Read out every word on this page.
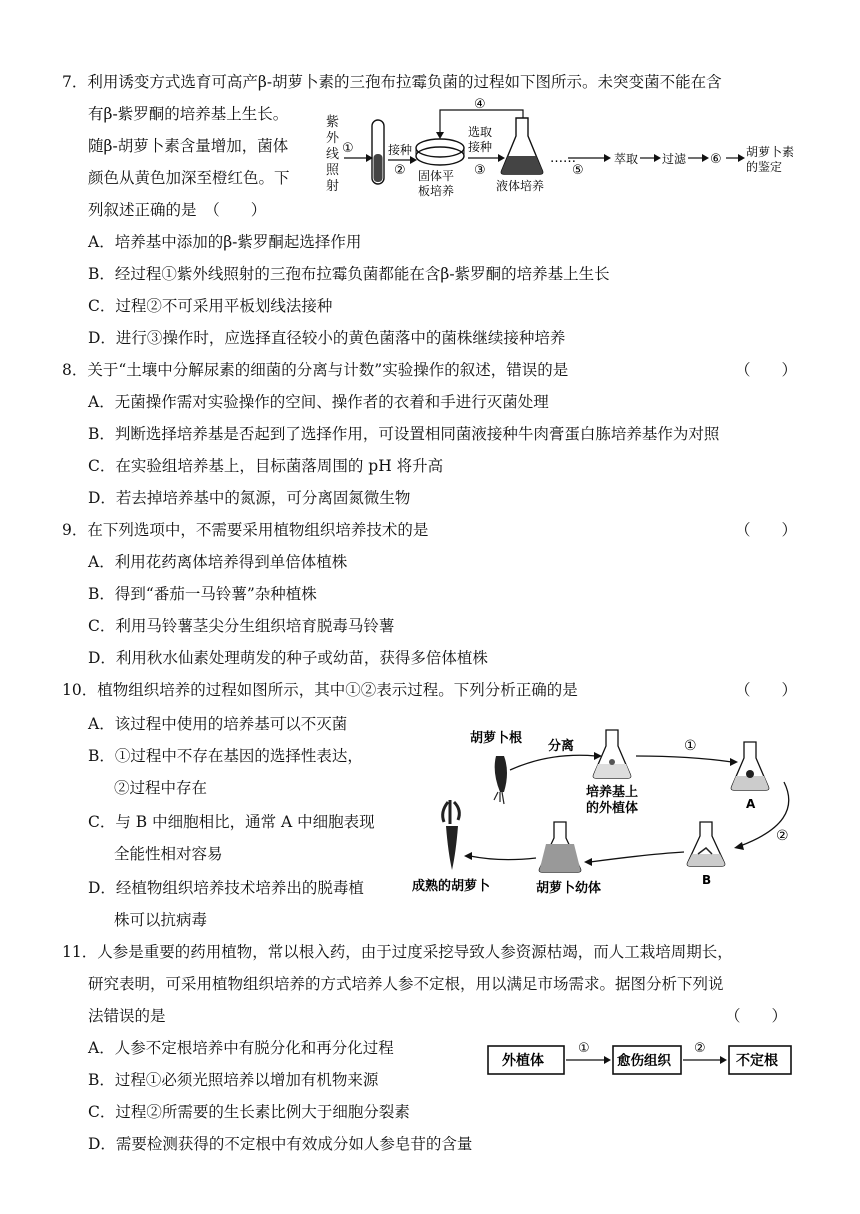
7．利用诱变方式选育可高产β-胡萝卜素的三孢布拉霉负菌的过程如下图所示。未突变菌不能在含
有β-紫罗酮的培养基上生长。
随β-胡萝卜素含量增加，菌体
颜色从黄色加深至橙红色。下
列叙述正确的是　（　　）
紫
外
线
照
射
①	接种
② 固体平
板培养
选取
接种
③
④
液体培养
……
⑤
萃取 过滤 ⑥ 胡萝卜素
的鉴定
A．培养基中添加的β-紫罗酮起选择作用
B．经过程①紫外线照射的三孢布拉霉负菌都能在含β-紫罗酮的培养基上生长
C．过程②不可采用平板划线法接种
D．进行③操作时，应选择直径较小的黄色菌落中的菌株继续接种培养
8．关于“土壤中分解尿素的细菌的分离与计数”实验操作的叙述，错误的是	（　　）
A．无菌操作需对实验操作的空间、操作者的衣着和手进行灭菌处理
B．判断选择培养基是否起到了选择作用，可设置相同菌液接种牛肉膏蛋白胨培养基作为对照
C．在实验组培养基上，目标菌落周围的 pH 将升高
D．若去掉培养基中的氮源，可分离固氮微生物
9．在下列选项中，不需要采用植物组织培养技术的是	（　　）
A．利用花药离体培养得到单倍体植株
B．得到“番茄一马铃薯”杂种植株
C．利用马铃薯茎尖分生组织培育脱毒马铃薯
D．利用秋水仙素处理萌发的种子或幼苗，获得多倍体植株
10．植物组织培养的过程如图所示，其中①②表示过程。下列分析正确的是	（　　）
A．该过程中使用的培养基可以不灭菌
B．①过程中不存在基因的选择性表达，
②过程中存在
C．与 B 中细胞相比，通常 A 中细胞表现
全能性相对容易
D．经植物组织培养技术培养出的脱毒植
株可以抗病毒
胡萝卜根
分离
培养基上
的外植体
①
A
②
B
胡萝卜幼体
成熟的胡萝卜
11．人参是重要的药用植物，常以根入药，由于过度采挖导致人参资源枯竭，而人工栽培周期长，
研究表明，可采用植物组织培养的方式培养人参不定根，用以满足市场需求。据图分析下列说
法错误的是	（　　）
A．人参不定根培养中有脱分化和再分化过程
B．过程①必须光照培养以增加有机物来源
C．过程②所需要的生长素比例大于细胞分裂素
D．需要检测获得的不定根中有效成分如人参皂苷的含量
外植体
①
愈伤组织
②
不定根
